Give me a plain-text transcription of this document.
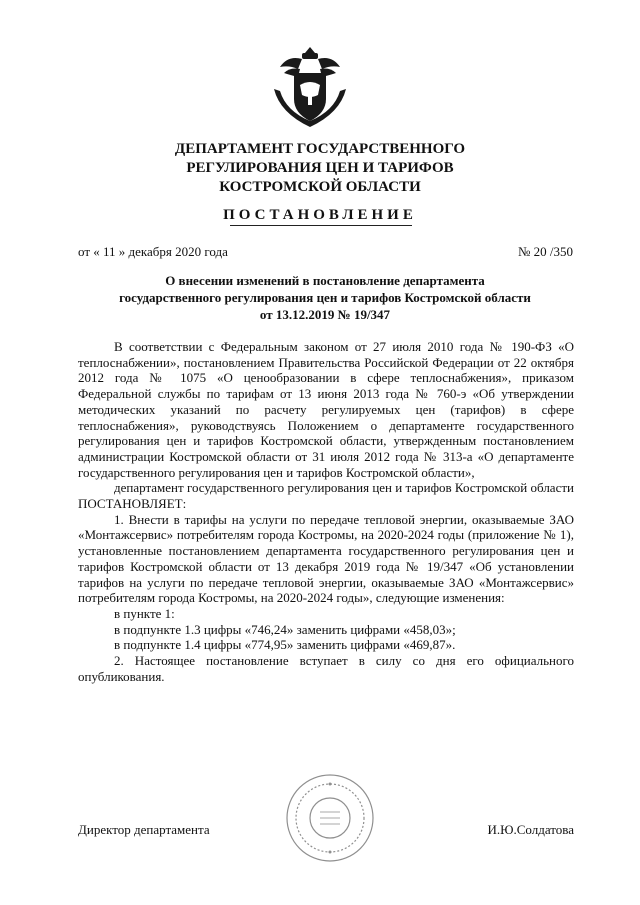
ДЕПАРТАМЕНТ ГОСУДАРСТВЕННОГО
РЕГУЛИРОВАНИЯ ЦЕН И ТАРИФОВ
КОСТРОМСКОЙ ОБЛАСТИ
ПОСТАНОВЛЕНИЕ
от « 11 » декабря 2020 года	№ 20 /350
О внесении изменений в постановление департамента
государственного регулирования цен и тарифов Костромской области
от 13.12.2019 № 19/347

В соответствии с Федеральным законом от 27 июля 2010 года № 190-ФЗ «О теплоснабжении», постановлением Правительства Российской Федерации от 22 октября 2012 года № 1075 «О ценообразовании в сфере теплоснабжения», приказом Федеральной службы по тарифам от 13 июня 2013 года № 760-э «Об утверждении методических указаний по расчету регулируемых цен (тарифов) в сфере теплоснабжения», руководствуясь Положением о департаменте государственного регулирования цен и тарифов Костромской области, утвержденным постановлением администрации Костромской области от 31 июля 2012 года № 313-а «О департаменте государственного регулирования цен и тарифов Костромской области»,

департамент государственного регулирования цен и тарифов Костромской области ПОСТАНОВЛЯЕТ:

1. Внести в тарифы на услуги по передаче тепловой энергии, оказываемые ЗАО «Монтажсервис» потребителям города Костромы, на 2020-2024 годы (приложение № 1), установленные постановлением департамента государственного регулирования цен и тарифов Костромской области от 13 декабря 2019 года № 19/347 «Об установлении тарифов на услуги по передаче тепловой энергии, оказываемые ЗАО «Монтажсервис» потребителям города Костромы, на 2020-2024 годы», следующие изменения:

в пункте 1:

в подпункте 1.3 цифры «746,24» заменить цифрами «458,03»;

в подпункте 1.4 цифры «774,95» заменить цифрами «469,87».

2. Настоящее постановление вступает в силу со дня его официального опубликования.

Директор департамента	И.Ю.Солдатова
